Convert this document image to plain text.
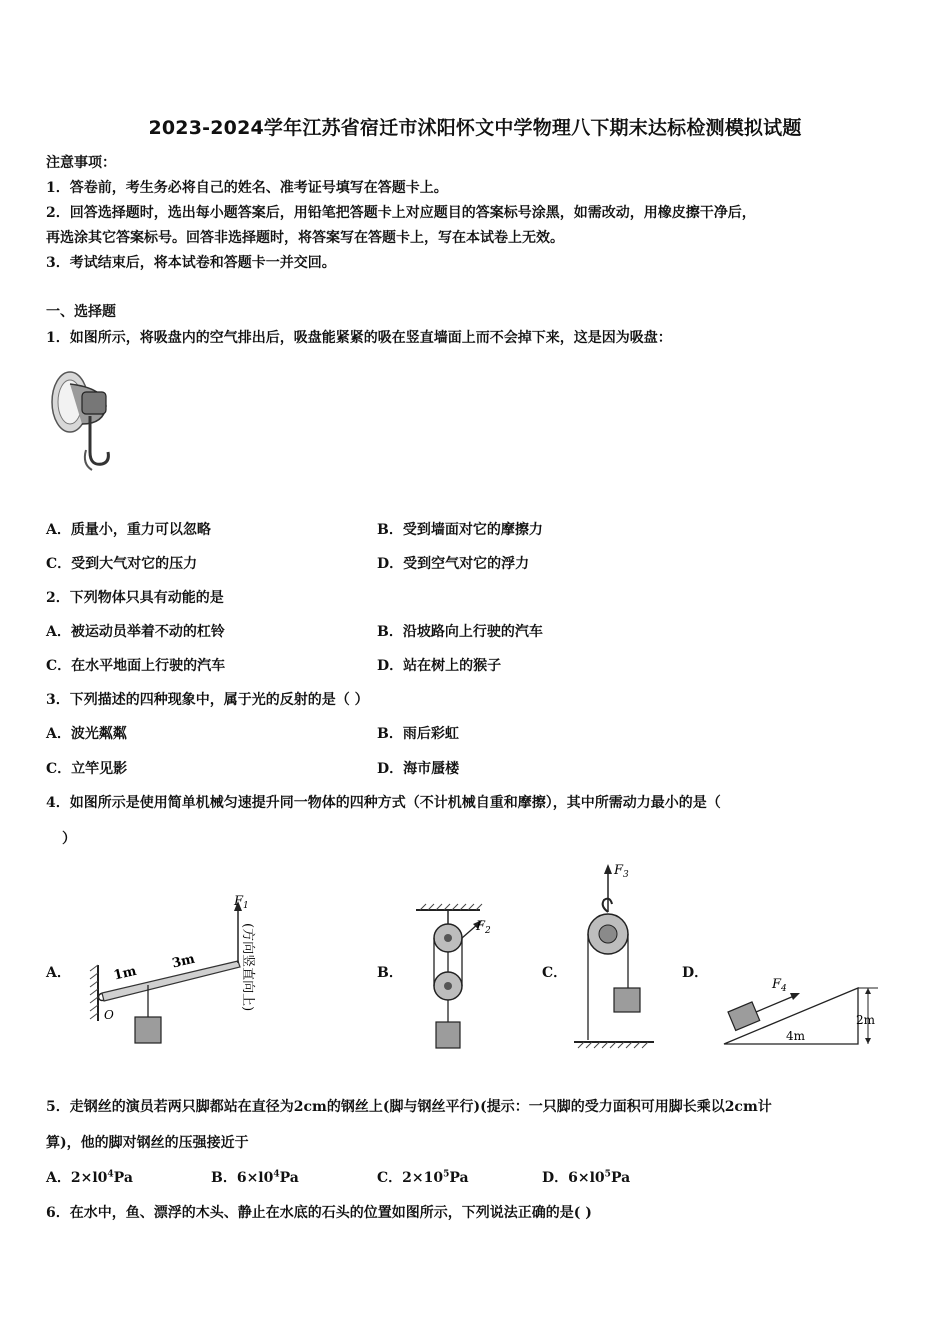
2023-2024学年江苏省宿迁市沭阳怀文中学物理八下期末达标检测模拟试题
注意事项：
1．答卷前，考生务必将自己的姓名、准考证号填写在答题卡上。
2．回答选择题时，选出每小题答案后，用铅笔把答题卡上对应题目的答案标号涂黑，如需改动，用橡皮擦干净后，
再选涂其它答案标号。回答非选择题时，将答案写在答题卡上，写在本试卷上无效。
3．考试结束后，将本试卷和答题卡一并交回。
一、选择题
1．如图所示，将吸盘内的空气排出后，吸盘能紧紧的吸在竖直墙面上而不会掉下来，这是因为吸盘：
A．质量小，重力可以忽略	B．受到墙面对它的摩擦力
C．受到大气对它的压力	D．受到空气对它的浮力
2．下列物体只具有动能的是
A．被运动员举着不动的杠铃	B．沿坡路向上行驶的汽车
C．在水平地面上行驶的汽车	D．站在树上的猴子
3．下列描述的四种现象中，属于光的反射的是（ ）
A．波光粼粼	B．雨后彩虹
C．立竿见影	D．海市蜃楼
4．如图所示是使用简单机械匀速提升同一物体的四种方式（不计机械自重和摩擦），其中所需动力最小的是（
）
A．
O
1m
3m
$F_1$
(方向竖直向上)	B．
$F_2$
C．
$F_3$
D．
$F_4$
4m
2m
5．走钢丝的演员若两只脚都站在直径为2cm的钢丝上(脚与钢丝平行)(提示：一只脚的受力面积可用脚长乘以2cm计
算)，他的脚对钢丝的压强接近于
A．$2\times l0^4Pa$	B．$6\times l0^4Pa$	C．$2\times 10^5Pa$	D．$6\times l0^5Pa$
6．在水中，鱼、漂浮的木头、静止在水底的石头的位置如图所示，下列说法正确的是( )
